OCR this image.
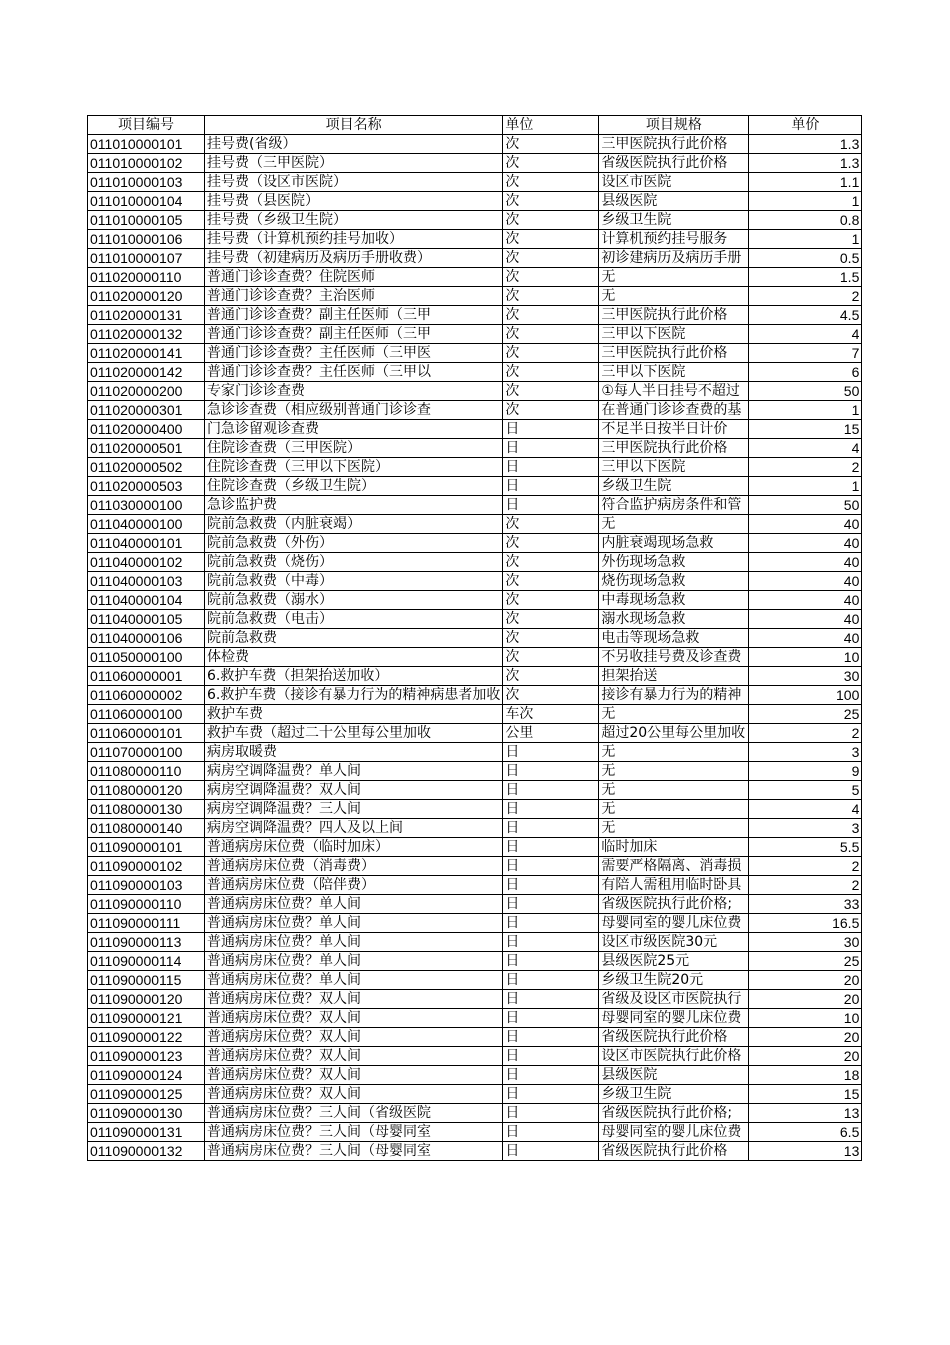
项目编号	项目名称	单位	项目规格	单价
011010000101	挂号费(省级）	次	三甲医院执行此价格	1.3
011010000102	挂号费（三甲医院）	次	省级医院执行此价格	1.3
011010000103	挂号费（设区市医院）	次	设区市医院	1.1
011010000104	挂号费（县医院）	次	县级医院	1
011010000105	挂号费（乡级卫生院）	次	乡级卫生院	0.8
011010000106	挂号费（计算机预约挂号加收）	次	计算机预约挂号服务	1
011010000107	挂号费（初建病历及病历手册收费）	次	初诊建病历及病历手册	0.5
011020000110	普通门诊诊查费？住院医师	次	无	1.5
011020000120	普通门诊诊查费？主治医师	次	无	2
011020000131	普通门诊诊查费？副主任医师（三甲	次	三甲医院执行此价格	4.5
011020000132	普通门诊诊查费？副主任医师（三甲	次	三甲以下医院	4
011020000141	普通门诊诊查费？主任医师（三甲医	次	三甲医院执行此价格	7
011020000142	普通门诊诊查费？主任医师（三甲以	次	三甲以下医院	6
011020000200	专家门诊诊查费	次	①每人半日挂号不超过	50
011020000301	急诊诊查费（相应级别普通门诊诊查	次	在普通门诊诊查费的基	1
011020000400	门急诊留观诊查费	日	不足半日按半日计价	15
011020000501	住院诊查费（三甲医院）	日	三甲医院执行此价格	4
011020000502	住院诊查费（三甲以下医院）	日	三甲以下医院	2
011020000503	住院诊查费（乡级卫生院）	日	乡级卫生院	1
011030000100	急诊监护费	日	符合监护病房条件和管	50
011040000100	院前急救费（内脏衰竭）	次	无	40
011040000101	院前急救费（外伤）	次	内脏衰竭现场急救	40
011040000102	院前急救费（烧伤）	次	外伤现场急救	40
011040000103	院前急救费（中毒）	次	烧伤现场急救	40
011040000104	院前急救费（溺水）	次	中毒现场急救	40
011040000105	院前急救费（电击）	次	溺水现场急救	40
011040000106	院前急救费	次	电击等现场急救	40
011050000100	体检费	次	不另收挂号费及诊查费	10
011060000001	6.救护车费（担架抬送加收）	次	担架抬送	30
011060000002	6.救护车费（接诊有暴力行为的精神病患者加收	次	接诊有暴力行为的精神	100
011060000100	救护车费	车次	无	25
011060000101	救护车费（超过二十公里每公里加收	公里	超过20公里每公里加收	2
011070000100	病房取暖费	日	无	3
011080000110	病房空调降温费？单人间	日	无	9
011080000120	病房空调降温费？双人间	日	无	5
011080000130	病房空调降温费？三人间	日	无	4
011080000140	病房空调降温费？四人及以上间	日	无	3
011090000101	普通病房床位费（临时加床）	日	临时加床	5.5
011090000102	普通病房床位费（消毒费）	日	需要严格隔离、消毒损	2
011090000103	普通病房床位费（陪伴费）	日	有陪人需租用临时卧具	2
011090000110	普通病房床位费？单人间	日	省级医院执行此价格;	33
011090000111	普通病房床位费？单人间	日	母婴同室的婴儿床位费	16.5
011090000113	普通病房床位费？单人间	日	设区市级医院30元	30
011090000114	普通病房床位费？单人间	日	县级医院25元	25
011090000115	普通病房床位费？单人间	日	乡级卫生院20元	20
011090000120	普通病房床位费？双人间	日	省级及设区市医院执行	20
011090000121	普通病房床位费？双人间	日	母婴同室的婴儿床位费	10
011090000122	普通病房床位费？双人间	日	省级医院执行此价格	20
011090000123	普通病房床位费？双人间	日	设区市医院执行此价格	20
011090000124	普通病房床位费？双人间	日	县级医院	18
011090000125	普通病房床位费？双人间	日	乡级卫生院	15
011090000130	普通病房床位费？三人间（省级医院	日	省级医院执行此价格;	13
011090000131	普通病房床位费？三人间（母婴同室	日	母婴同室的婴儿床位费	6.5
011090000132	普通病房床位费？三人间（母婴同室	日	省级医院执行此价格	13
